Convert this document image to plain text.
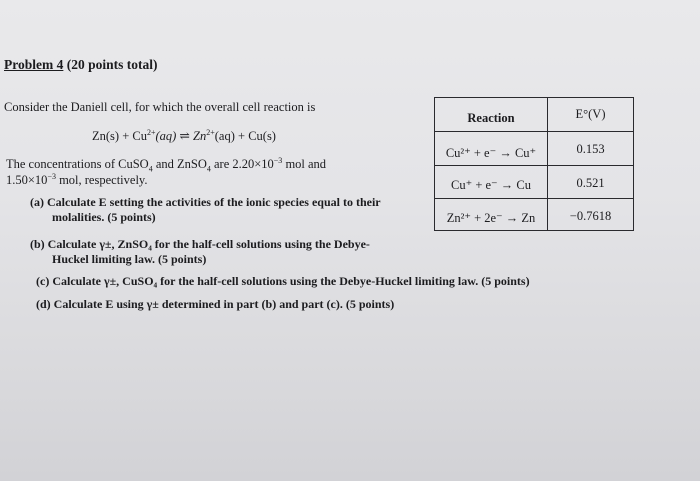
Problem 4 (20 points total)
Consider the Daniell cell, for which the overall cell reaction is
$Zn(s) + Cu^{2+}(aq)$ ⇌ $Zn^{2+}(aq) + Cu(s)$
The concentrations of CuSO$_4$ and ZnSO$_4$ are $2.20\times 10^{-3}$ mol and
$1.50\times 10^{-3}$ mol, respectively.
(a) Calculate E setting the activities of the ionic species equal to their
molalities. (5 points)
(b) Calculate γ±, ZnSO₄ for the half-cell solutions using the Debye-
Huckel limiting law. (5 points)
(c) Calculate γ±, CuSO₄ for the half-cell solutions using the Debye-Huckel limiting law. (5 points)
(d) Calculate E using γ± determined in part (b) and part (c). (5 points)
Reaction	E°(V)
Cu²⁺ + e⁻ → Cu⁺	0.153
Cu⁺ + e⁻ → Cu	0.521
Zn²⁺ + 2e⁻ → Zn	−0.7618
